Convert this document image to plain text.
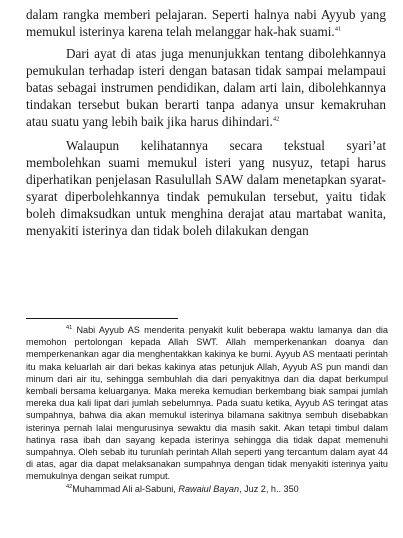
dalam rangka memberi pelajaran. Seperti halnya nabi Ayyub yang memukul isterinya karena telah melanggar hak-hak suami.$^{41}$

Dari ayat di atas juga menunjukkan tentang dibolehkannya pemukulan terhadap isteri dengan batasan tidak sampai melampaui batas sebagai instrumen pendidikan, dalam arti lain, dibolehkannya tindakan tersebut bukan berarti tanpa adanya unsur kemakruhan atau suatu yang lebih baik jika harus dihindari.$^{42}$

Walaupun kelihatannya secara tekstual syari’at membolehkan suami memukul isteri yang nusyuz, tetapi harus diperhatikan penjelasan Rasulullah SAW dalam menetapkan syarat-syarat diperbolehkannya tindak pemukulan tersebut, yaitu tidak boleh dimaksudkan untuk menghina derajat atau martabat wanita, menyakiti isterinya dan tidak boleh dilakukan dengan

$^{41}$ Nabi Ayyub AS menderita penyakit kulit beberapa waktu lamanya dan dia memohon pertolongan kepada Allah SWT. Allah memperkenankan doanya dan memperkenankan agar dia menghentakkan kakinya ke bumi. Ayyub AS mentaati perintah itu maka keluarlah air dari bekas kakinya atas petunjuk Allah, Ayyub AS pun mandi dan minum dari air itu, sehingga sembuhlah dia dari penyakitnya dan dia dapat berkumpul kembali bersama keluarganya. Maka mereka kemudian berkembang biak sampai jumlah mereka dua kali lipat dari jumlah sebelumnya. Pada suatu ketika, Ayyub AS teringat atas sumpahnya, bahwa dia akan memukul isterinya bilamana sakitnya sembuh disebabkan isterinya pernah lalai mengurusinya sewaktu dia masih sakit. Akan tetapi timbul dalam hatinya rasa ibah dan sayang kepada isterinya sehingga dia tidak dapat memenuhi sumpahnya. Oleh sebab itu turunlah perintah Allah seperti yang tercantum dalam ayat 44 di atas, agar dia dapat melaksanakan sumpahnya dengan tidak menyakiti isterinya yaitu memukulnya dengan seikat rumput.

$^{42}$Muhammad Ali al-Sabuni, Rawaiul Bayan, Juz 2, h.. 350
